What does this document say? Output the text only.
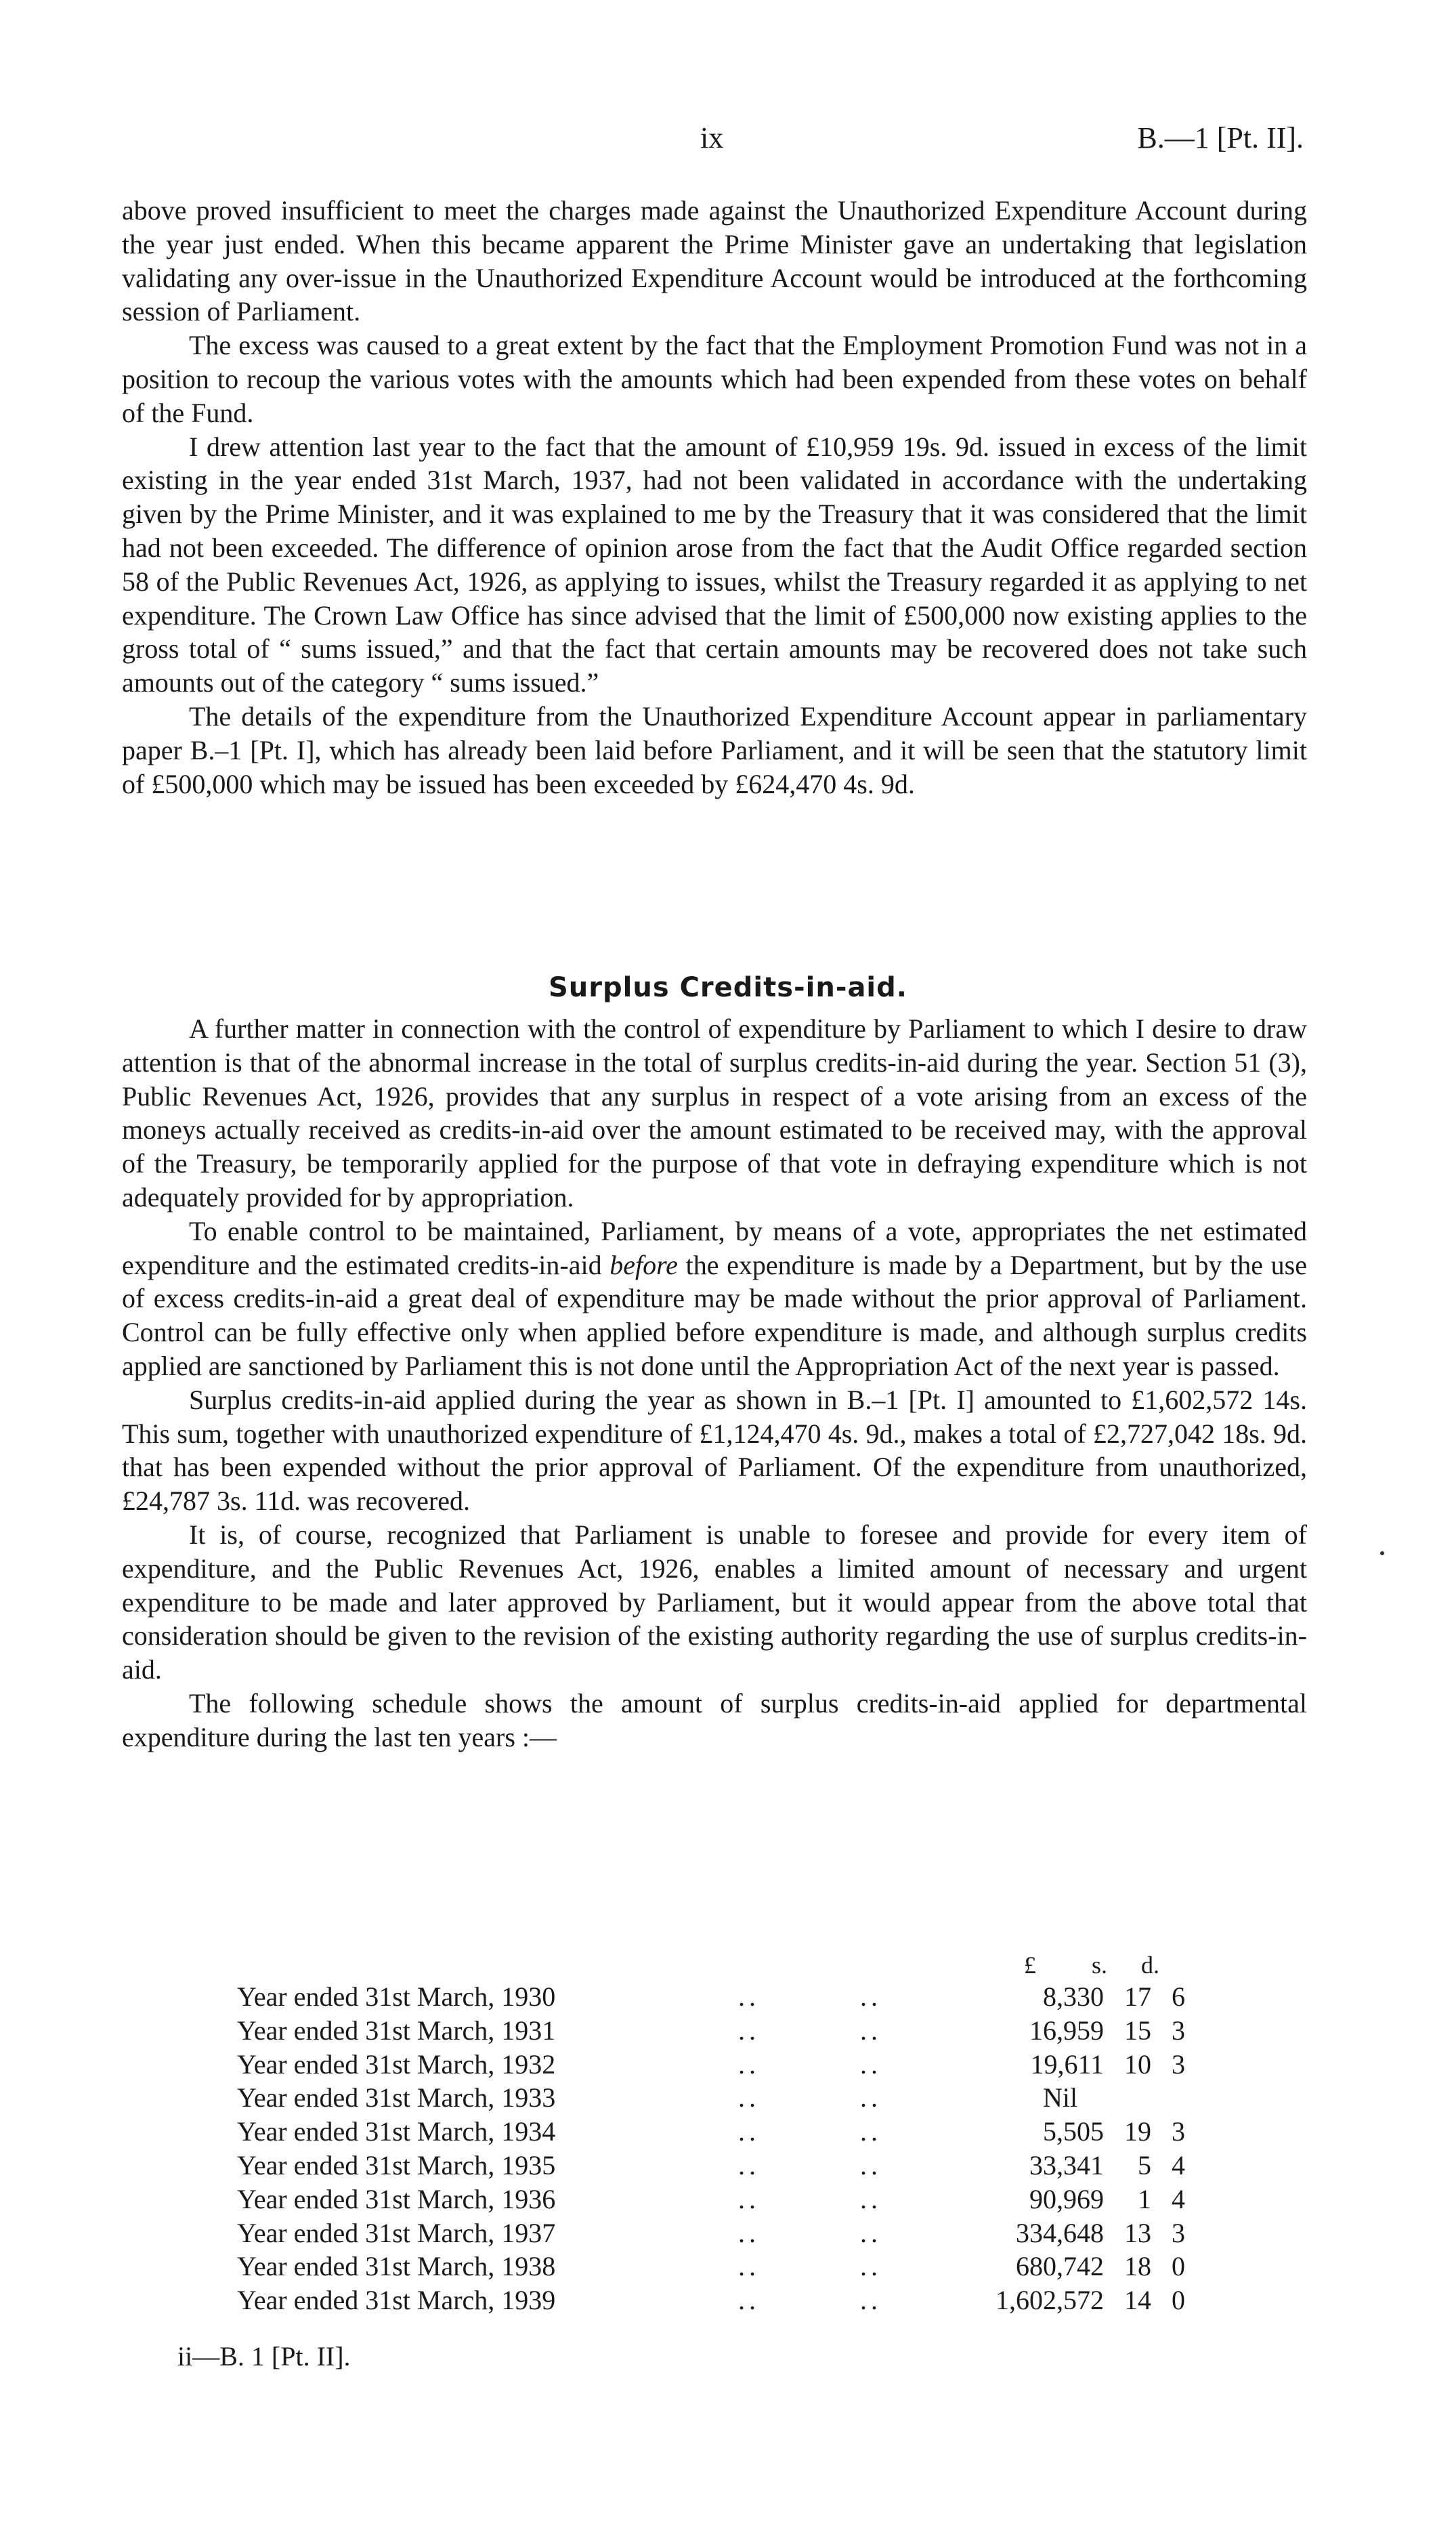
ix	B.—1 [Pt. II].

above proved insufficient to meet the charges made against the Unauthorized Expenditure Account during the year just ended. When this became apparent the Prime Minister gave an undertaking that legislation validating any over-issue in the Unauthorized Expenditure Account would be introduced at the forthcoming session of Parliament.

The excess was caused to a great extent by the fact that the Employment Promotion Fund was not in a position to recoup the various votes with the amounts which had been expended from these votes on behalf of the Fund.

I drew attention last year to the fact that the amount of £10,959 19s. 9d. issued in excess of the limit existing in the year ended 31st March, 1937, had not been validated in accordance with the undertaking given by the Prime Minister, and it was explained to me by the Treasury that it was considered that the limit had not been exceeded. The difference of opinion arose from the fact that the Audit Office regarded section 58 of the Public Revenues Act, 1926, as applying to issues, whilst the Treasury regarded it as applying to net expenditure. The Crown Law Office has since advised that the limit of £500,000 now existing applies to the gross total of “ sums issued,” and that the fact that certain amounts may be recovered does not take such amounts out of the category “ sums issued.”

The details of the expenditure from the Unauthorized Expenditure Account appear in parliamentary paper B.–1 [Pt. I], which has already been laid before Parliament, and it will be seen that the statutory limit of £500,000 which may be issued has been exceeded by £624,470 4s. 9d.

Surplus Credits-in-aid.

A further matter in connection with the control of expenditure by Parliament to which I desire to draw attention is that of the abnormal increase in the total of surplus credits-in-aid during the year. Section 51 (3), Public Revenues Act, 1926, provides that any surplus in respect of a vote arising from an excess of the moneys actually received as credits-in-aid over the amount estimated to be received may, with the approval of the Treasury, be temporarily applied for the purpose of that vote in defraying expenditure which is not adequately provided for by appropriation.

To enable control to be maintained, Parliament, by means of a vote, appropriates the net estimated expenditure and the estimated credits-in-aid before the expenditure is made by a Department, but by the use of excess credits-in-aid a great deal of expenditure may be made without the prior approval of Parliament. Control can be fully effective only when applied before expenditure is made, and although surplus credits applied are sanctioned by Parliament this is not done until the Appropriation Act of the next year is passed.

Surplus credits-in-aid applied during the year as shown in B.–1 [Pt. I] amounted to £1,602,572 14s. This sum, together with unauthorized expenditure of £1,124,470 4s. 9d., makes a total of £2,727,042 18s. 9d. that has been expended without the prior approval of Parliament. Of the expenditure from unauthorized, £24,787 3s. 11d. was recovered.

It is, of course, recognized that Parliament is unable to foresee and provide for every item of expenditure, and the Public Revenues Act, 1926, enables a limited amount of necessary and urgent expenditure to be made and later approved by Parliament, but it would appear from the above total that consideration should be given to the revision of the existing authority regarding the use of surplus credits-in-aid.

The following schedule shows the amount of surplus credits-in-aid applied for departmental expenditure during the last ten years :—

£ s. d.
Year ended 31st March, 1930	..	..	8,330 17 6
Year ended 31st March, 1931	..	..	16,959 15 3
Year ended 31st March, 1932	..	..	19,611 10 3
Year ended 31st March, 1933	..	..	Nil
Year ended 31st March, 1934	..	..	5,505 19 3
Year ended 31st March, 1935	..	..	33,341	5 4
Year ended 31st March, 1936	..	..	90,969	1 4
Year ended 31st March, 1937	..	..	334,648 13 3
Year ended 31st March, 1938	..	..	680,742 18 0
Year ended 31st March, 1939	..	..	1,602,572 14 0
ii—B. 1 [Pt. II].
